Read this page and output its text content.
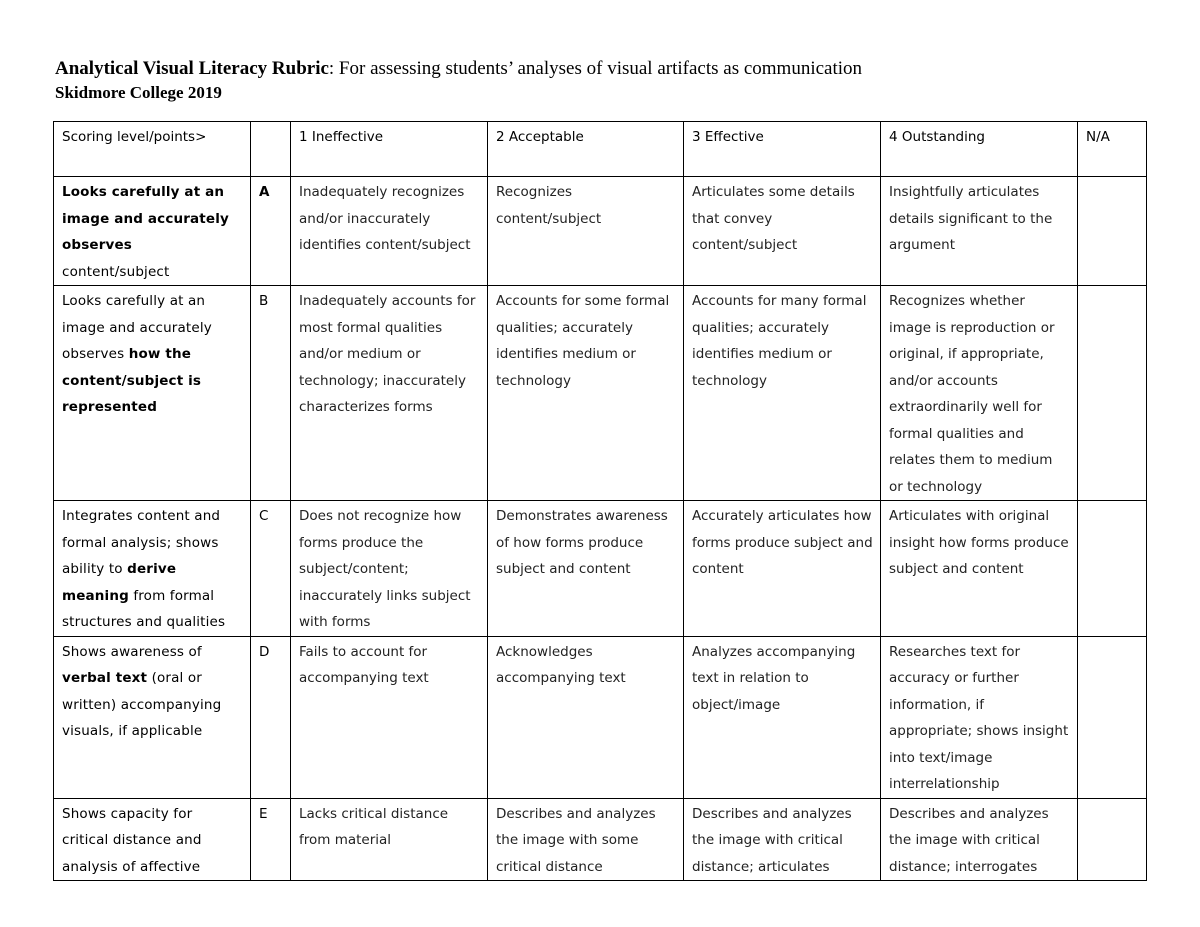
Analytical Visual Literacy Rubric: For assessing students’ analyses of visual artifacts as communication
Skidmore College 2019
Scoring level/points>		1 Ineffective	2 Acceptable	3 Effective	4 Outstanding	N/A
Looks carefully at an image and accurately observes content/subject	A	Inadequately recognizes and/or inaccurately identifies content/subject	Recognizes content/subject	Articulates some details that convey content/subject	Insightfully articulates details significant to the argument	
Looks carefully at an image and accurately observes how the content/subject is represented	B	Inadequately accounts for most formal qualities and/or medium or technology; inaccurately characterizes forms	Accounts for some formal qualities; accurately identifies medium or technology	Accounts for many formal qualities; accurately identifies medium or technology	Recognizes whether image is reproduction or original, if appropriate, and/or accounts extraordinarily well for formal qualities and relates them to medium or technology	
Integrates content and formal analysis; shows ability to derive meaning from formal structures and qualities	C	Does not recognize how forms produce the subject/content; inaccurately links subject with forms	Demonstrates awareness of how forms produce subject and content	Accurately articulates how forms produce subject and content	Articulates with original insight how forms produce subject and content	
Shows awareness of verbal text (oral or written) accompanying visuals, if applicable	D	Fails to account for accompanying text	Acknowledges accompanying text	Analyzes accompanying text in relation to object/image	Researches text for accuracy or further information, if appropriate; shows insight into text/image interrelationship	
Shows capacity for critical distance and analysis of affective	E	Lacks critical distance from material	Describes and analyzes the image with some critical distance	Describes and analyzes the image with critical distance; articulates	Describes and analyzes the image with critical distance; interrogates	
